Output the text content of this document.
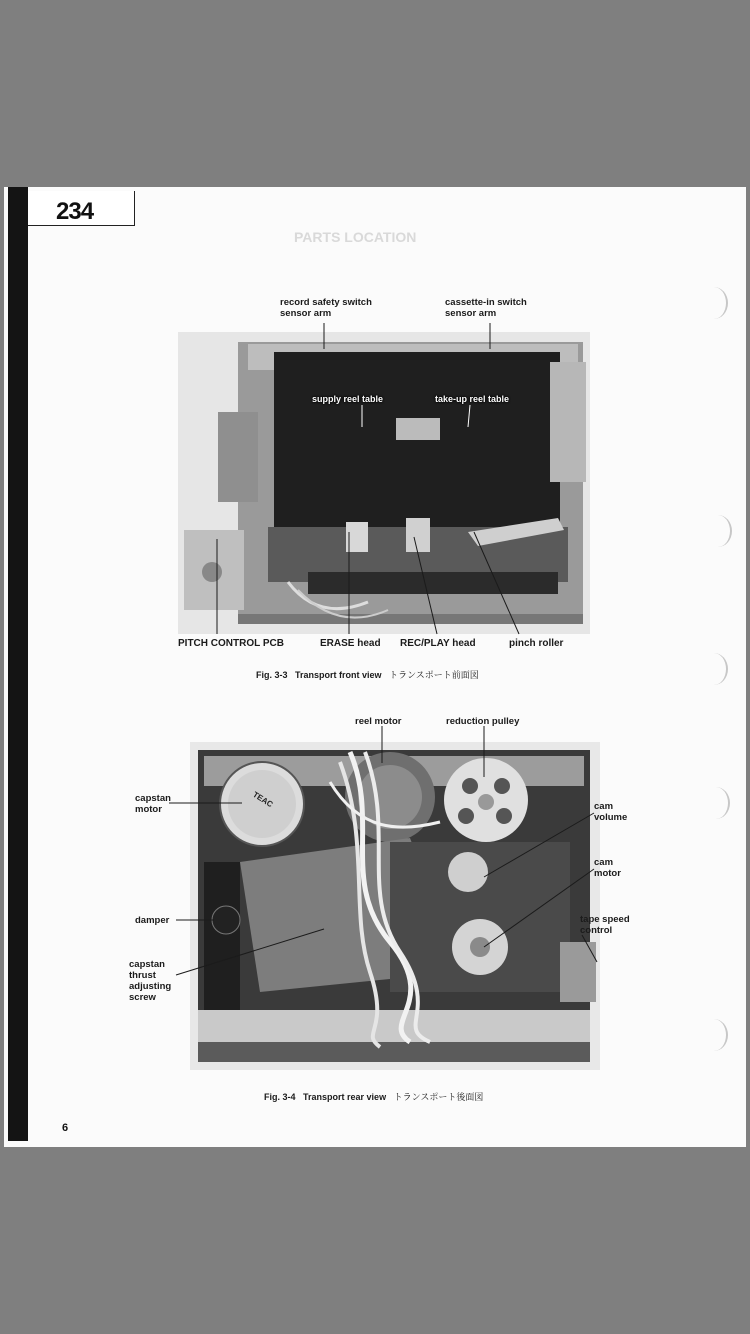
234
PARTS LOCATION
TEAC
record safety switch
sensor arm
cassette-in switch
sensor arm
supply reel table	take-up reel table
PITCH CONTROL PCB	ERASE head REC/PLAY head	pinch roller
Fig. 3-3 Transport front view トランスポート前面図
reel motor	reduction pulley
capstan
motor	cam
volume
cam
motor
damper	tape speed
control
capstan
thrust
adjusting
screw
Fig. 3-4 Transport rear view トランスポート後面図
6
